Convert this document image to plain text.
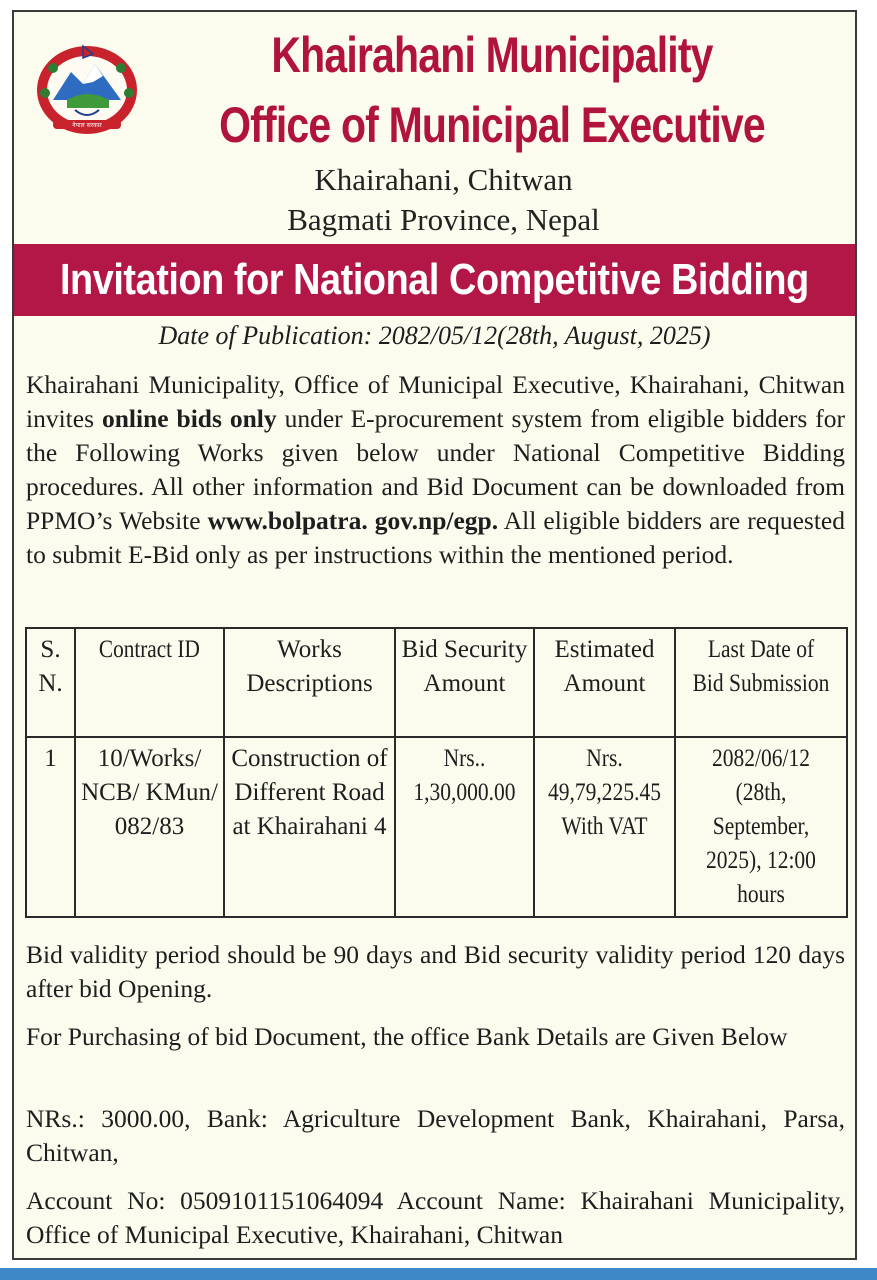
नेपाल सरकार
Khairahani Municipality
Office of Municipal Executive
Khairahani, Chitwan
Bagmati Province, Nepal
Invitation for National Competitive Bidding
Date of Publication: 2082/05/12(28th, August, 2025)
Khairahani Municipality, Office of Municipal Executive, Khairahani, Chitwan invites online bids only under E-procurement system from eligible bidders for the Following Works given below under National Competitive Bidding procedures. All other information and Bid Document can be downloaded from PPMO’s Website www.bolpatra. gov.np/egp. All eligible bidders are requested to submit E-Bid only as per instructions within the mentioned period.
S. N.	Contract ID	Works Descriptions	Bid Security Amount	Estimated Amount	Last Date of Bid Submission

1	10/Works/ NCB/ KMun/ 082/83	Construction of Different Road at Khairahani 4	Nrs.. 1,30,000.00	Nrs. 49,79,225.45 With VAT	2082/06/12 (28th, September, 2025), 12:00 hours
Bid validity period should be 90 days and Bid security validity period 120 days after bid Opening.
For Purchasing of bid Document, the office Bank Details are Given Below
NRs.: 3000.00, Bank: Agriculture Development Bank, Khairahani, Parsa, Chitwan,
Account No: 0509101151064094 Account Name: Khairahani Municipality, Office of Municipal Executive, Khairahani, Chitwan
